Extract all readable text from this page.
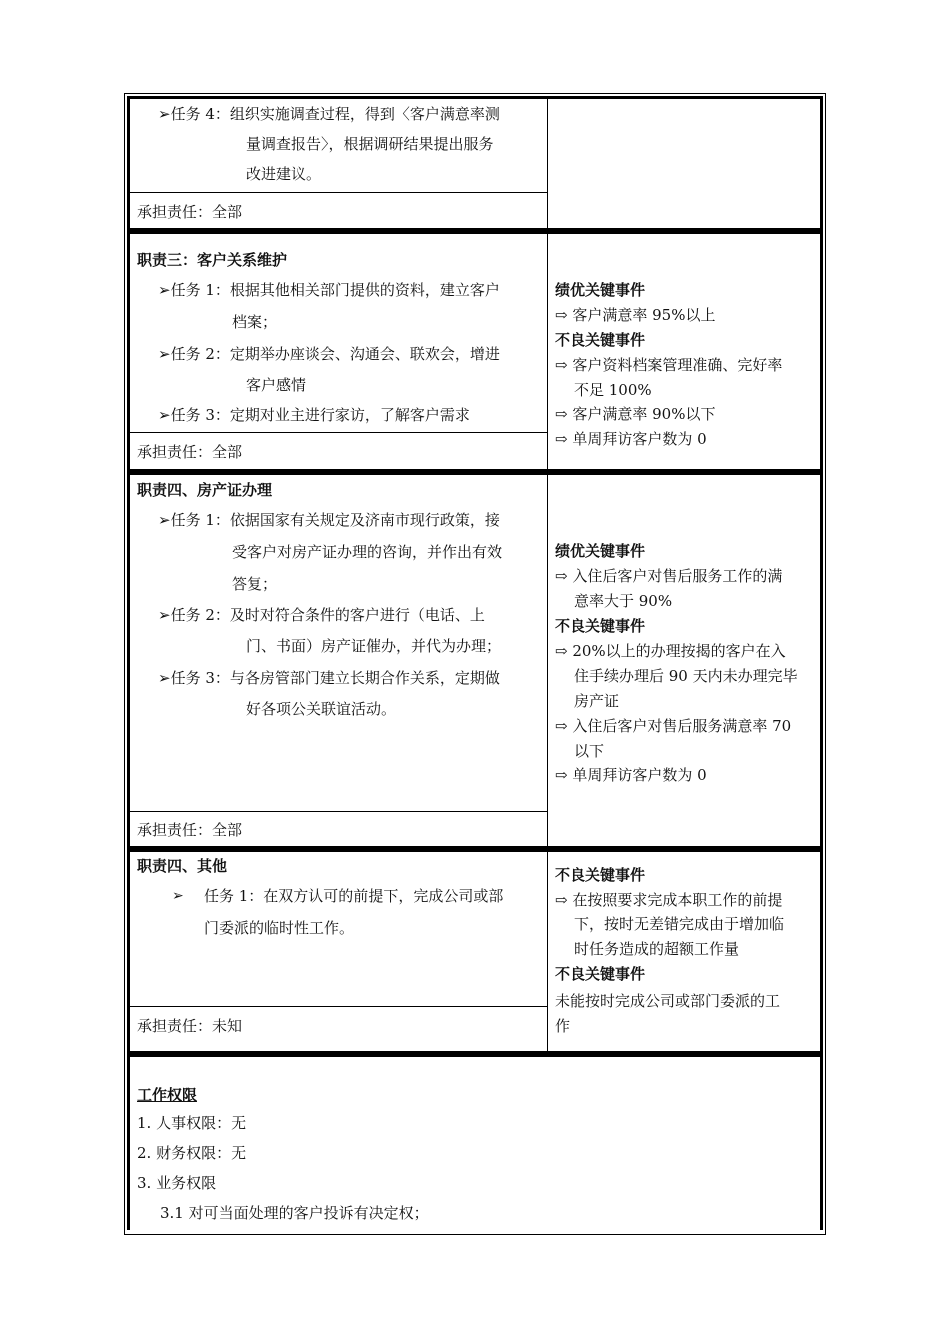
➢任务 4：组织实施调查过程，得到〈客户满意率测
量调查报告〉，根据调研结果提出服务
改进建议。
承担责任：全部
职责三：客户关系维护
➢任务 1：根据其他相关部门提供的资料，建立客户
档案；
➢任务 2：定期举办座谈会、沟通会、联欢会，增进
客户感情
➢任务 3：定期对业主进行家访，了解客户需求
承担责任：全部
绩优关键事件
⇨ 客户满意率 95%以上
不良关键事件
⇨ 客户资料档案管理准确、完好率
不足 100%
⇨ 客户满意率 90%以下
⇨ 单周拜访客户数为 0
职责四、房产证办理
➢任务 1：依据国家有关规定及济南市现行政策，接
受客户对房产证办理的咨询，并作出有效
答复；
➢任务 2：及时对符合条件的客户进行（电话、上
门、书面）房产证催办，并代为办理；
➢任务 3：与各房管部门建立长期合作关系，定期做
好各项公关联谊活动。
承担责任：全部
绩优关键事件
⇨ 入住后客户对售后服务工作的满
意率大于 90%
不良关键事件
⇨ 20%以上的办理按揭的客户在入
住手续办理后 90 天内未办理完毕
房产证
⇨ 入住后客户对售后服务满意率 70
以下
⇨ 单周拜访客户数为 0
职责四、其他
➢ 任务 1：在双方认可的前提下，完成公司或部
门委派的临时性工作。
承担责任：未知
不良关键事件
⇨ 在按照要求完成本职工作的前提
下，按时无差错完成由于增加临
时任务造成的超额工作量
不良关键事件
未能按时完成公司或部门委派的工
作
工作权限
1. 人事权限：无
2. 财务权限：无
3. 业务权限
3.1 对可当面处理的客户投诉有决定权；
